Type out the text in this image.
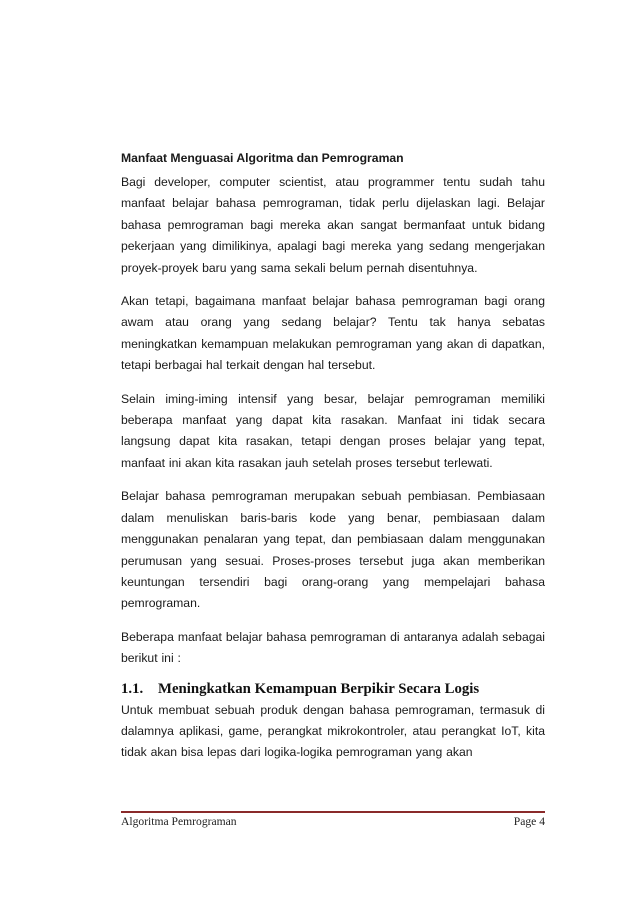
Manfaat Menguasai Algoritma dan Pemrograman

Bagi developer, computer scientist, atau programmer tentu sudah tahu manfaat belajar bahasa pemrograman, tidak perlu dijelaskan lagi. Belajar bahasa pemrograman bagi mereka akan sangat bermanfaat untuk bidang pekerjaan yang dimilikinya, apalagi bagi mereka yang sedang mengerjakan proyek-proyek baru yang sama sekali belum pernah disentuhnya.

Akan tetapi, bagaimana manfaat belajar bahasa pemrograman bagi orang awam atau orang yang sedang belajar? Tentu tak hanya sebatas meningkatkan kemampuan melakukan pemrograman yang akan di dapatkan, tetapi berbagai hal terkait dengan hal tersebut.

Selain iming-iming intensif yang besar, belajar pemrograman memiliki beberapa manfaat yang dapat kita rasakan. Manfaat ini tidak secara langsung dapat kita rasakan, tetapi dengan proses belajar yang tepat, manfaat ini akan kita rasakan jauh setelah proses tersebut terlewati.

Belajar bahasa pemrograman merupakan sebuah pembiasan. Pembiasaan dalam menuliskan baris-baris kode yang benar, pembiasaan dalam menggunakan penalaran yang tepat, dan pembiasaan dalam menggunakan perumusan yang sesuai. Proses-proses tersebut juga akan memberikan keuntungan tersendiri bagi orang-orang yang mempelajari bahasa pemrograman.

Beberapa manfaat belajar bahasa pemrograman di antaranya adalah sebagai berikut ini :

1.1. Meningkatkan Kemampuan Berpikir Secara Logis

Untuk membuat sebuah produk dengan bahasa pemrograman, termasuk di dalamnya aplikasi, game, perangkat mikrokontroler, atau perangkat IoT, kita tidak akan bisa lepas dari logika-logika pemrograman yang akan

Algoritma Pemrograman	Page 4
